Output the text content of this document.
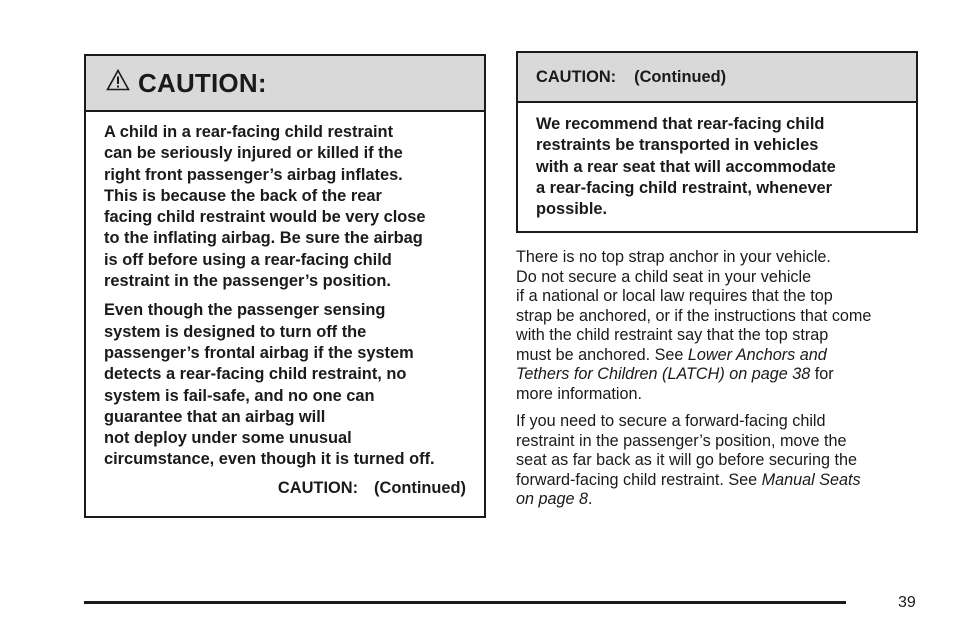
CAUTION:

A child in a rear-facing child restraint
can be seriously injured or killed if the
right front passenger’s airbag inflates.
This is because the back of the rear
facing child restraint would be very close
to the inflating airbag. Be sure the airbag
is off before using a rear-facing child
restraint in the passenger’s position.

Even though the passenger sensing
system is designed to turn off the
passenger’s frontal airbag if the system
detects a rear-facing child restraint, no
system is fail-safe, and no one can
guarantee that an airbag will
not deploy under some unusual
circumstance, even though it is turned off.

CAUTION: (Continued)
CAUTION: (Continued)

We recommend that rear-facing child
restraints be transported in vehicles
with a rear seat that will accommodate
a rear-facing child restraint, whenever
possible.

There is no top strap anchor in your vehicle.
Do not secure a child seat in your vehicle
if a national or local law requires that the top
strap be anchored, or if the instructions that come
with the child restraint say that the top strap
must be anchored. See Lower Anchors and
Tethers for Children (LATCH) on page 38 for
more information.

If you need to secure a forward-facing child
restraint in the passenger’s position, move the
seat as far back as it will go before securing the
forward-facing child restraint. See Manual Seats
on page 8.

39
